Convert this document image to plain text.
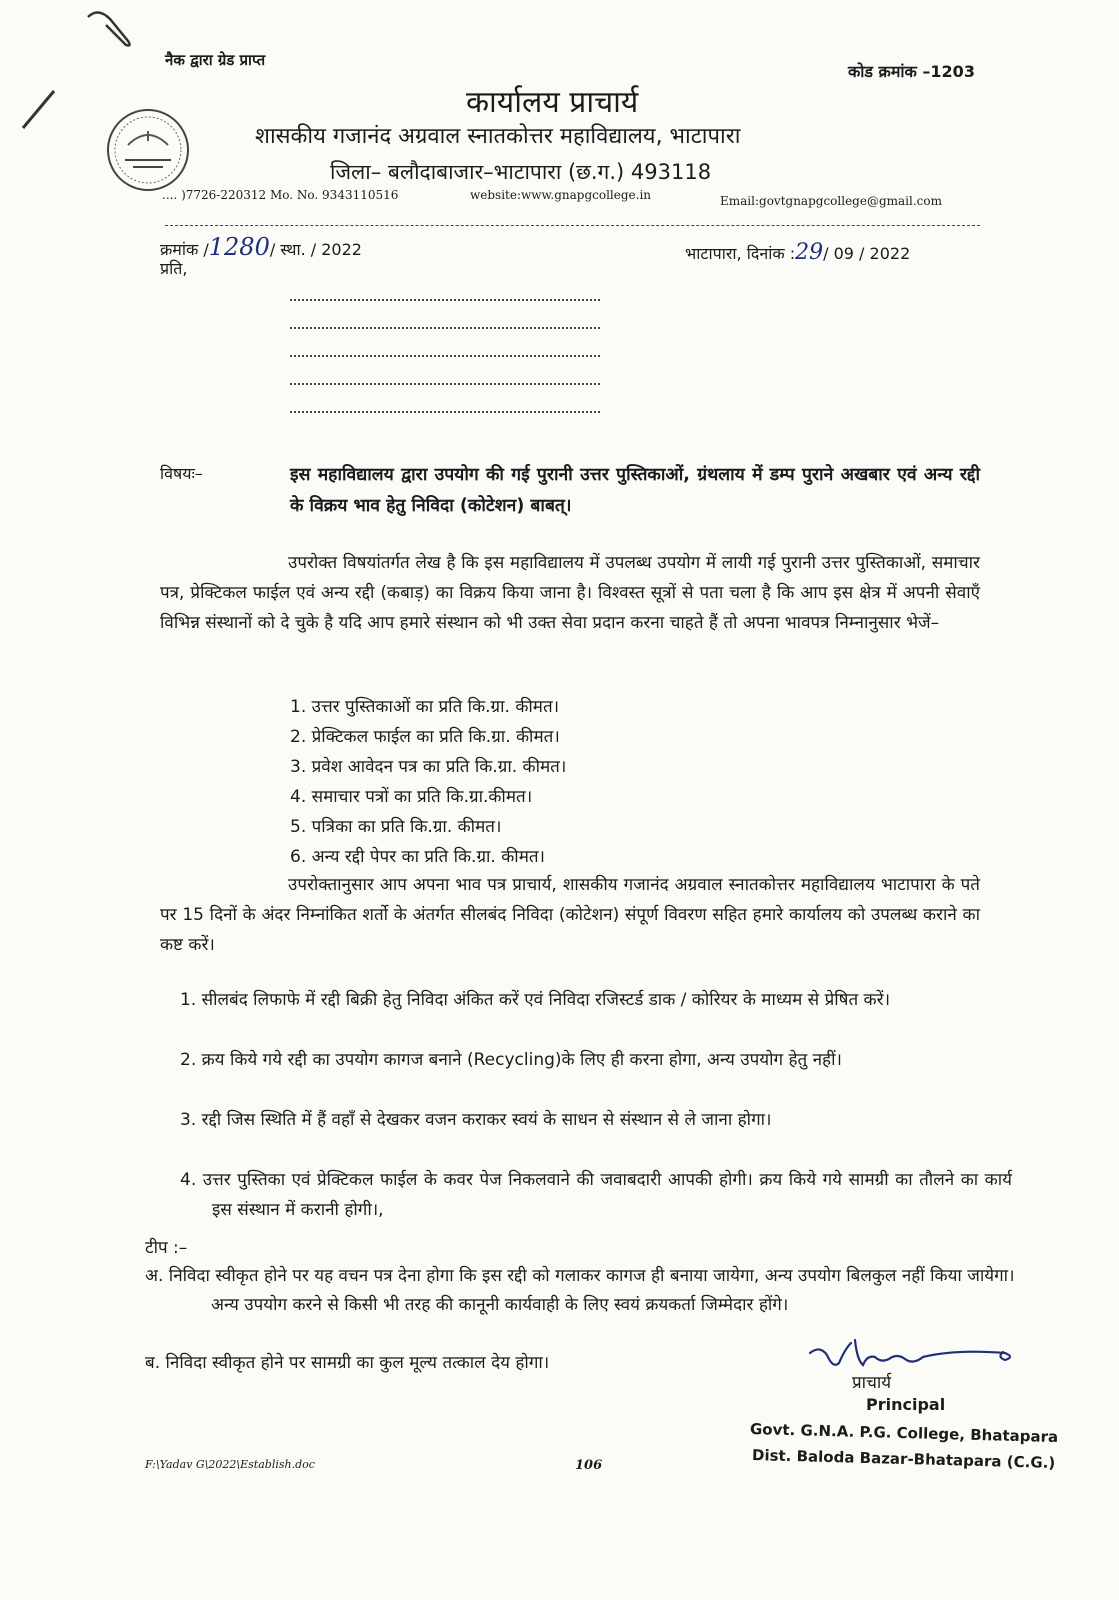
नैक द्वारा ग्रेड प्राप्त
कोड क्रमांक –1203
कार्यालय प्राचार्य
शासकीय गजानंद अग्रवाल स्नातकोत्तर महाविद्यालय, भाटापारा
जिला– बलौदाबाजार–भाटापारा (छ.ग.) 493118
.... )7726-220312 Mo. No. 9343110516	website:www.gnapgcollege.in	Email:govtgnapgcollege@gmail.com
क्रमांक /1280/ स्था. / 2022	भाटापारा, दिनांक :29/ 09 / 2022
प्रति,
विषयः–	इस महाविद्यालय द्वारा उपयोग की गई पुरानी उत्तर पुस्तिकाओं, ग्रंथलाय में डम्प पुराने अखबार एवं अन्य रद्दी के विक्रय भाव हेतु निविदा (कोटेशन) बाबत्।
उपरोक्त विषयांतर्गत लेख है कि इस महाविद्यालय में उपलब्ध उपयोग में लायी गई पुरानी उत्तर पुस्तिकाओं, समाचार पत्र, प्रेक्टिकल फाईल एवं अन्य रद्दी (कबाड़) का विक्रय किया जाना है। विश्वस्त सूत्रों से पता चला है कि आप इस क्षेत्र में अपनी सेवाएँ विभिन्न संस्थानों को दे चुके है यदि आप हमारे संस्थान को भी उक्त सेवा प्रदान करना चाहते हैं तो अपना भावपत्र निम्नानुसार भेजें–
1. उत्तर पुस्तिकाओं का प्रति कि.ग्रा. कीमत।
2. प्रेक्टिकल फाईल का प्रति कि.ग्रा. कीमत।
3. प्रवेश आवेदन पत्र का प्रति कि.ग्रा. कीमत।
4. समाचार पत्रों का प्रति कि.ग्रा.कीमत।
5. पत्रिका का प्रति कि.ग्रा. कीमत।
6. अन्य रद्दी पेपर का प्रति कि.ग्रा. कीमत।
उपरोक्तानुसार आप अपना भाव पत्र प्राचार्य, शासकीय गजानंद अग्रवाल स्नातकोत्तर महाविद्यालय भाटापारा के पते पर 15 दिनों के अंदर निम्नांकित शर्तो के अंतर्गत सीलबंद निविदा (कोटेशन) संपूर्ण विवरण सहित हमारे कार्यालय को उपलब्ध कराने का कष्ट करें।
1. सीलबंद लिफाफे में रद्दी बिक्री हेतु निविदा अंकित करें एवं निविदा रजिस्टर्ड डाक / कोरियर के माध्यम से प्रेषित करें।
2. क्रय किये गये रद्दी का उपयोग कागज बनाने (Recycling)के लिए ही करना होगा, अन्य उपयोग हेतु नहीं।
3. रद्दी जिस स्थिति में हैं वहाँ से देखकर वजन कराकर स्वयं के साधन से संस्थान से ले जाना होगा।
4. उत्तर पुस्तिका एवं प्रेक्टिकल फाईल के कवर पेज निकलवाने की जवाबदारी आपकी होगी। क्रय किये गये सामग्री का तौलने का कार्य इस संस्थान में करानी होगी।,
टीप :–
अ. निविदा स्वीकृत होने पर यह वचन पत्र देना होगा कि इस रद्दी को गलाकर कागज ही बनाया जायेगा, अन्य उपयोग बिलकुल नहीं किया जायेगा। अन्य उपयोग करने से किसी भी तरह की कानूनी कार्यवाही के लिए स्वयं क्रयकर्ता जिम्मेदार होंगे।
ब. निविदा स्वीकृत होने पर सामग्री का कुल मूल्य तत्काल देय होगा।
प्राचार्य
Principal
Govt. G.N.A. P.G. College, Bhatapara
Dist. Baloda Bazar-Bhatapara (C.G.)
F:\Yadav G\2022\Establish.doc	106
